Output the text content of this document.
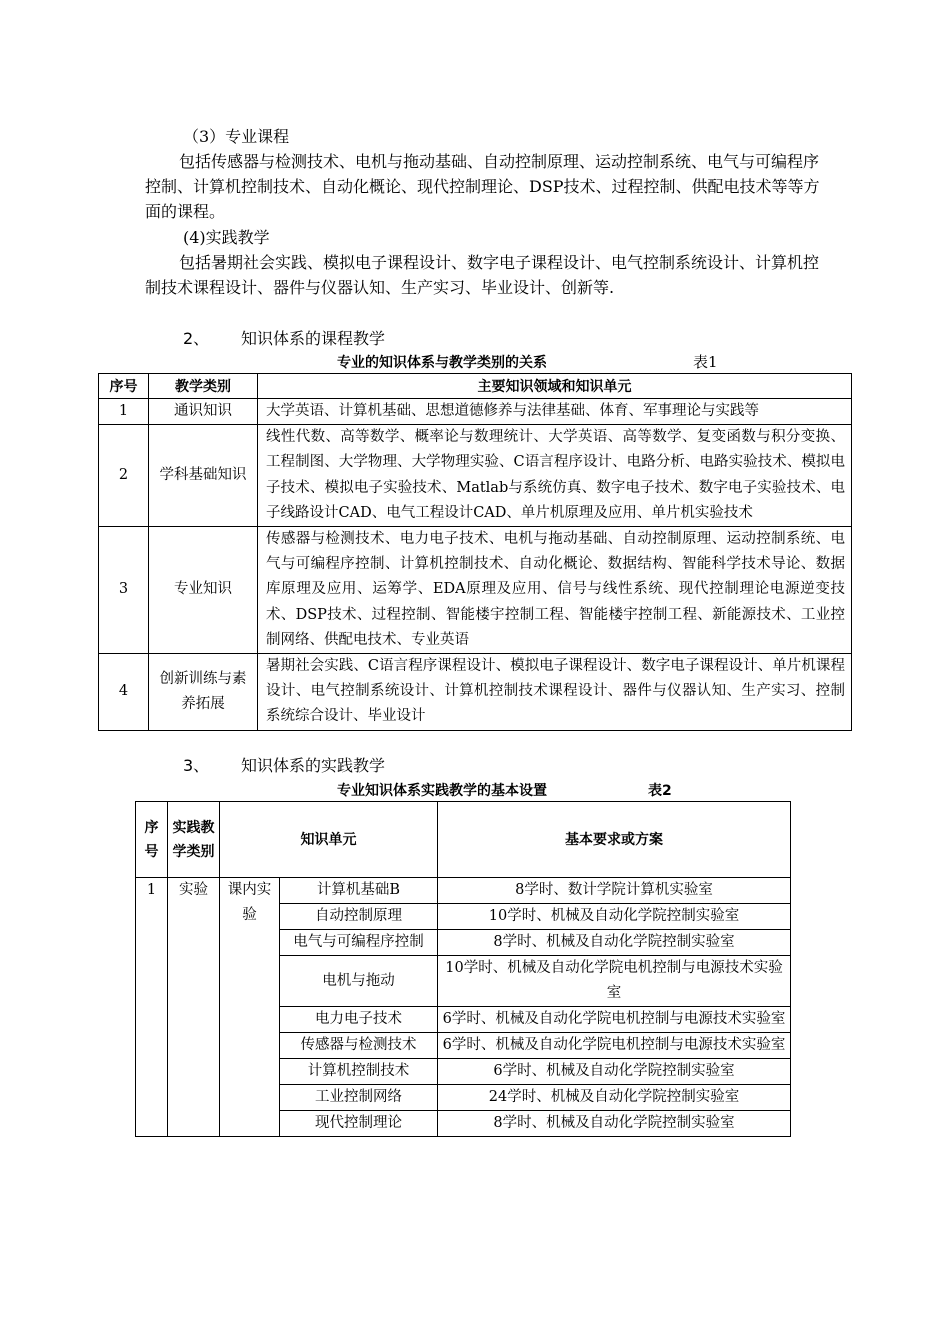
（3）专业课程

包括传感器与检测技术、电机与拖动基础、自动控制原理、运动控制系统、电气与可编程序控制、计算机控制技术、自动化概论、现代控制理论、DSP技术、过程控制、供配电技术等等方面的课程。

(4)实践教学

包括暑期社会实践、模拟电子课程设计、数字电子课程设计、电气控制系统设计、计算机控制技术课程设计、器件与仪器认知、生产实习、毕业设计、创新等.

2、 知识体系的课程教学
专业的知识体系与教学类别的关系	表1
序号	教学类别	主要知识领域和知识单元
1	通识知识	大学英语、计算机基础、思想道德修养与法律基础、体育、军事理论与实践等
2	学科基础知识	线性代数、高等数学、概率论与数理统计、大学英语、高等数学、复变函数与积分变换、工程制图、大学物理、大学物理实验、C语言程序设计、电路分析、电路实验技术、模拟电子技术、模拟电子实验技术、Matlab与系统仿真、数字电子技术、数字电子实验技术、电子线路设计CAD、电气工程设计CAD、单片机原理及应用、单片机实验技术
3	专业知识	传感器与检测技术、电力电子技术、电机与拖动基础、自动控制原理、运动控制系统、电气与可编程序控制、计算机控制技术、自动化概论、数据结构、智能科学技术导论、数据库原理及应用、运筹学、EDA原理及应用、信号与线性系统、现代控制理论电源逆变技术、DSP技术、过程控制、智能楼宇控制工程、智能楼宇控制工程、新能源技术、工业控制网络、供配电技术、专业英语
4	创新训练与素养拓展	暑期社会实践、C语言程序课程设计、模拟电子课程设计、数字电子课程设计、单片机课程设计、电气控制系统设计、计算机控制技术课程设计、器件与仪器认知、生产实习、控制系统综合设计、毕业设计
3、 知识体系的实践教学
专业知识体系实践教学的基本设置	表2
序号	实践教学类别	知识单元		基本要求或方案
1	实验	课内实验	计算机基础B	8学时、数计学院计算机实验室
			自动控制原理	10学时、机械及自动化学院控制实验室
			电气与可编程序控制	8学时、机械及自动化学院控制实验室
			电机与拖动	10学时、机械及自动化学院电机控制与电源技术实验室
			电力电子技术	6学时、机械及自动化学院电机控制与电源技术实验室
			传感器与检测技术	6学时、机械及自动化学院电机控制与电源技术实验室
			计算机控制技术	6学时、机械及自动化学院控制实验室
			工业控制网络	24学时、机械及自动化学院控制实验室
			现代控制理论	8学时、机械及自动化学院控制实验室
